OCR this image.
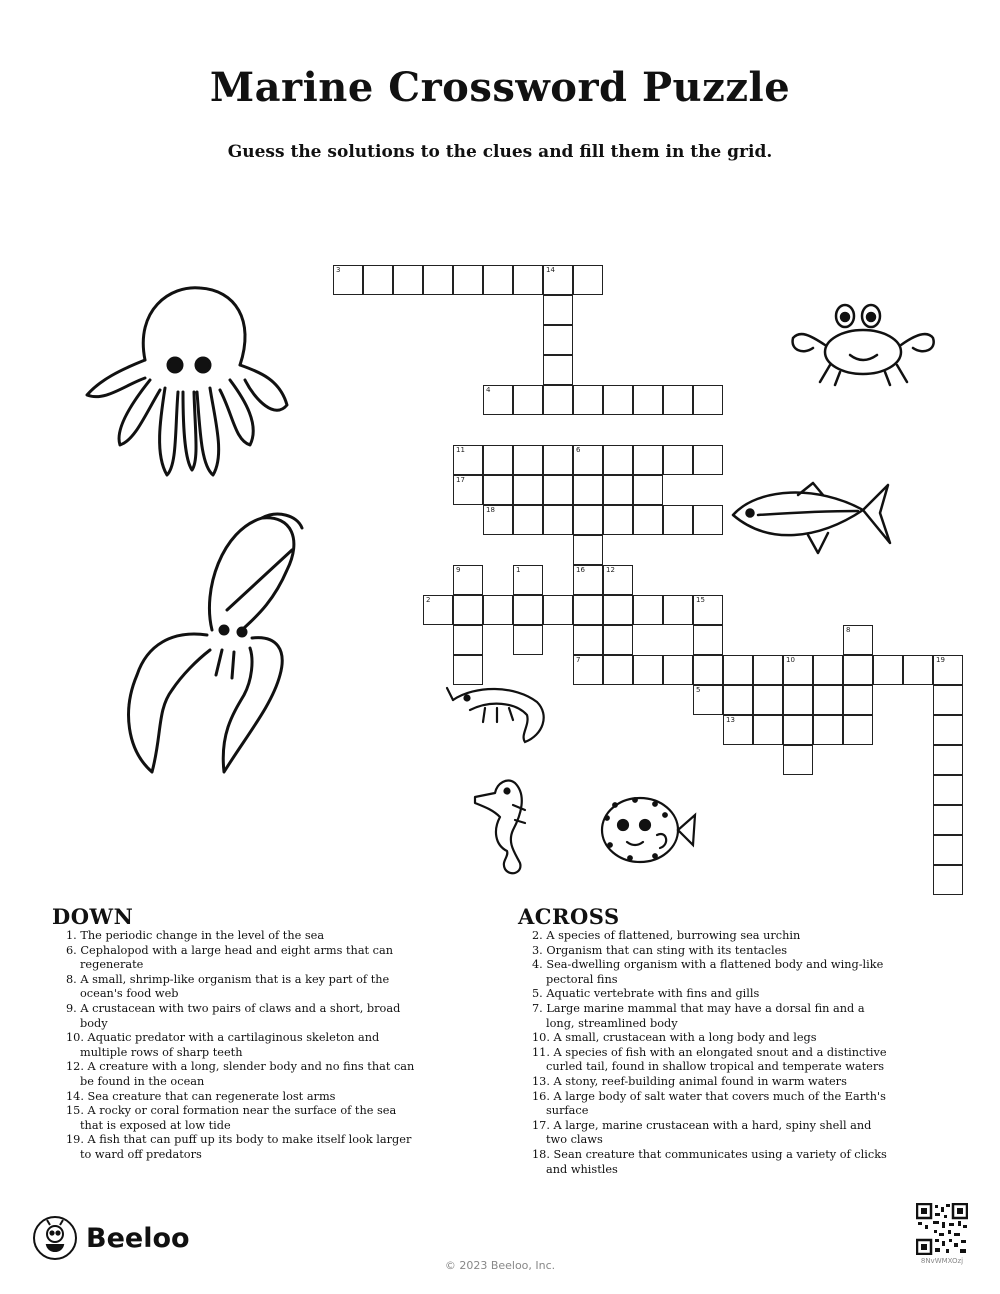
Marine Crossword Puzzle
Guess the solutions to the clues and fill them in the grid.
3	14
4
11	6
17
18
2	15
7	10	19
5
13
16
9	1	12
8
DOWN
1. The periodic change in the level of the sea
6. Cephalopod with a large head and eight arms that can regenerate
8. A small, shrimp-like organism that is a key part of the ocean's food web
9. A crustacean with two pairs of claws and a short, broad body
10. Aquatic predator with a cartilaginous skeleton and multiple rows of sharp teeth
12. A creature with a long, slender body and no fins that can be found in the ocean
14. Sea creature that can regenerate lost arms
15. A rocky or coral formation near the surface of the sea that is exposed at low tide
19. A fish that can puff up its body to make itself look larger to ward off predators
ACROSS
2. A species of flattened, burrowing sea urchin
3. Organism that can sting with its tentacles
4. Sea-dwelling organism with a flattened body and wing-like pectoral fins
5. Aquatic vertebrate with fins and gills
7. Large marine mammal that may have a dorsal fin and a long, streamlined body
10. A small, crustacean with a long body and legs
11. A species of fish with an elongated snout and a distinctive curled tail, found in shallow tropical and temperate waters
13. A stony, reef-building animal found in warm waters
16. A large body of salt water that covers much of the Earth's surface
17. A large, marine crustacean with a hard, spiny shell and two claws
18. Sean creature that communicates using a variety of clicks and whistles
Beeloo
© 2023 Beeloo, Inc.	8NvWMXOzj
